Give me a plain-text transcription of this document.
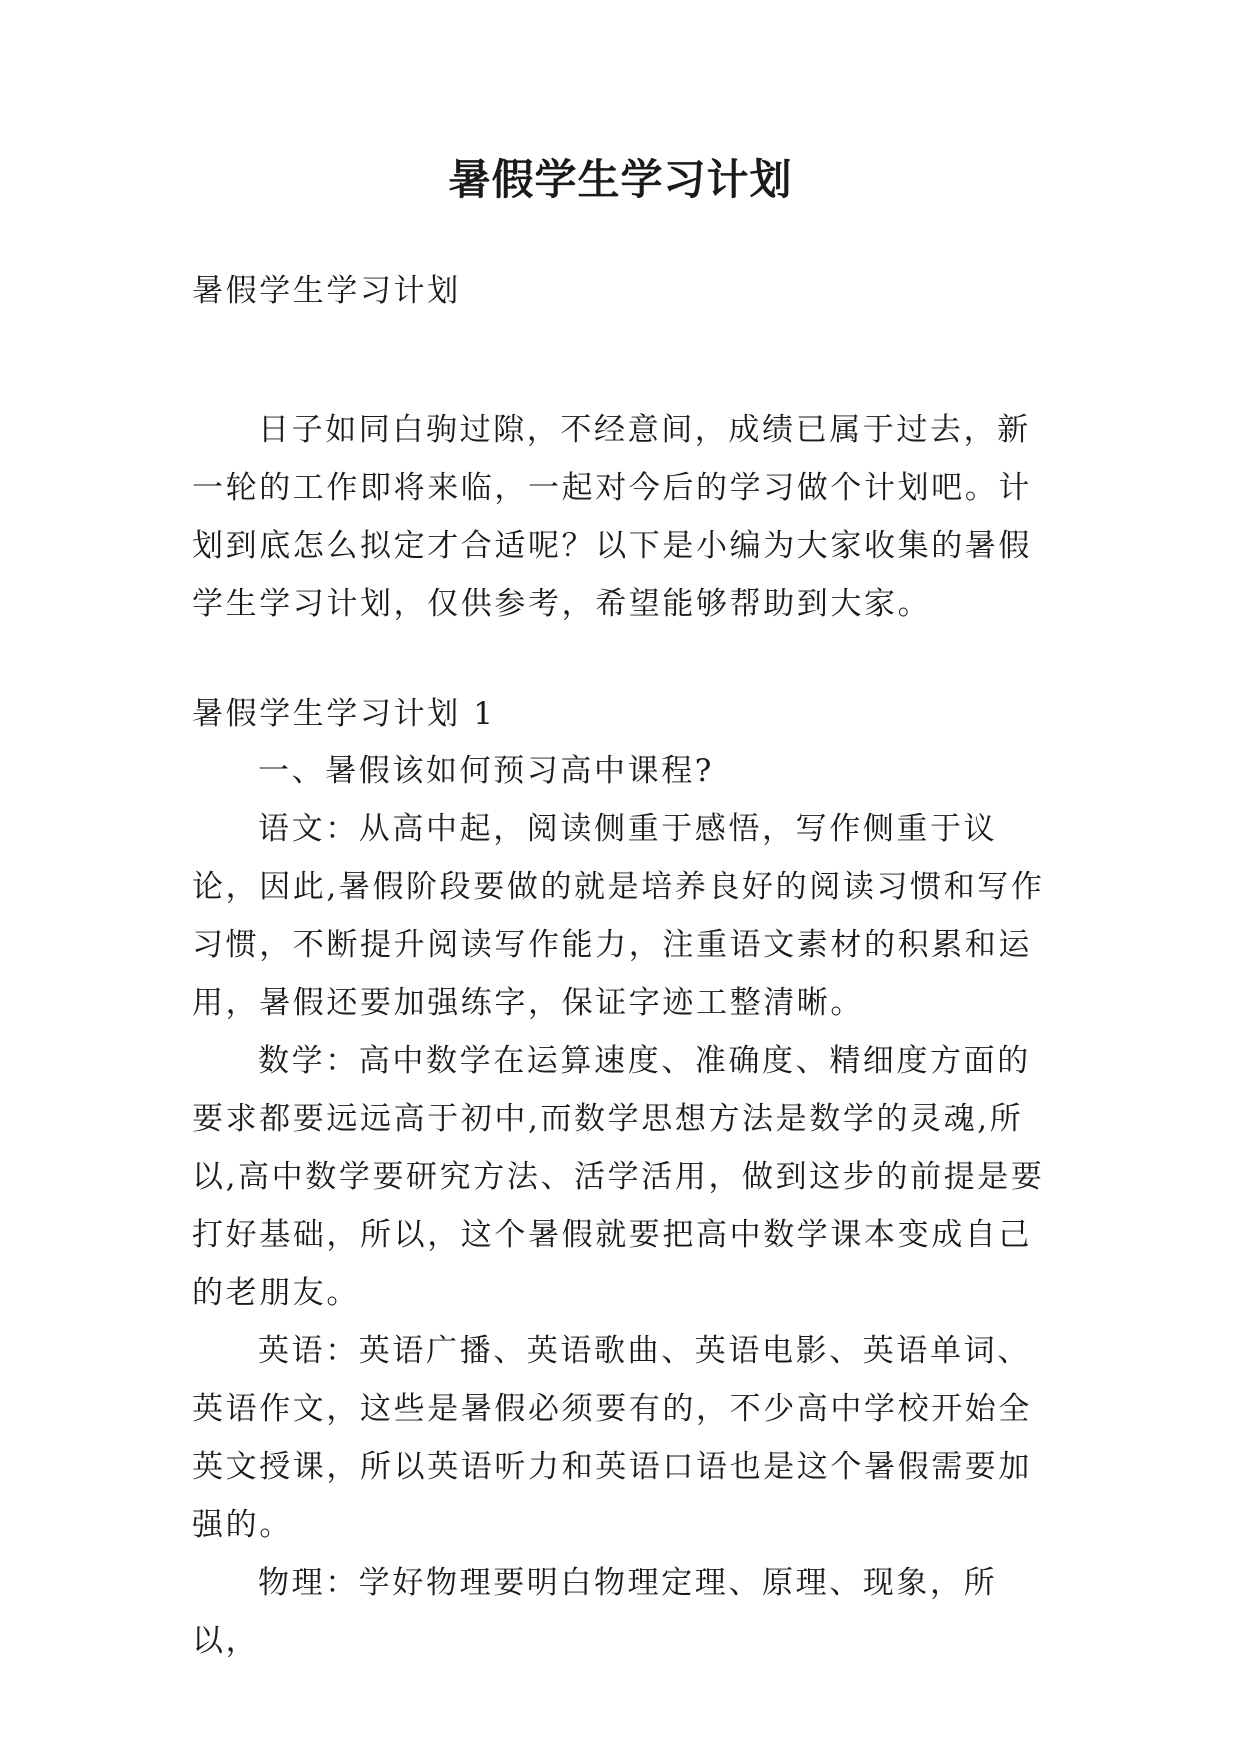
暑假学生学习计划
暑假学生学习计划
日子如同白驹过隙，不经意间，成绩已属于过去，新一轮的工作即将来临，一起对今后的学习做个计划吧。计划到底怎么拟定才合适呢？以下是小编为大家收集的暑假学生学习计划，仅供参考，希望能够帮助到大家。
暑假学生学习计划 1
一、暑假该如何预习高中课程?

语文：从高中起，阅读侧重于感悟，写作侧重于议论，因此,暑假阶段要做的就是培养良好的阅读习惯和写作习惯，不断提升阅读写作能力，注重语文素材的积累和运用，暑假还要加强练字，保证字迹工整清晰。

数学：高中数学在运算速度、准确度、精细度方面的要求都要远远高于初中,而数学思想方法是数学的灵魂,所以,高中数学要研究方法、活学活用，做到这步的前提是要打好基础，所以，这个暑假就要把高中数学课本变成自己的老朋友。

英语：英语广播、英语歌曲、英语电影、英语单词、英语作文，这些是暑假必须要有的，不少高中学校开始全英文授课，所以英语听力和英语口语也是这个暑假需要加强的。

物理：学好物理要明白物理定理、原理、现象，所以，
